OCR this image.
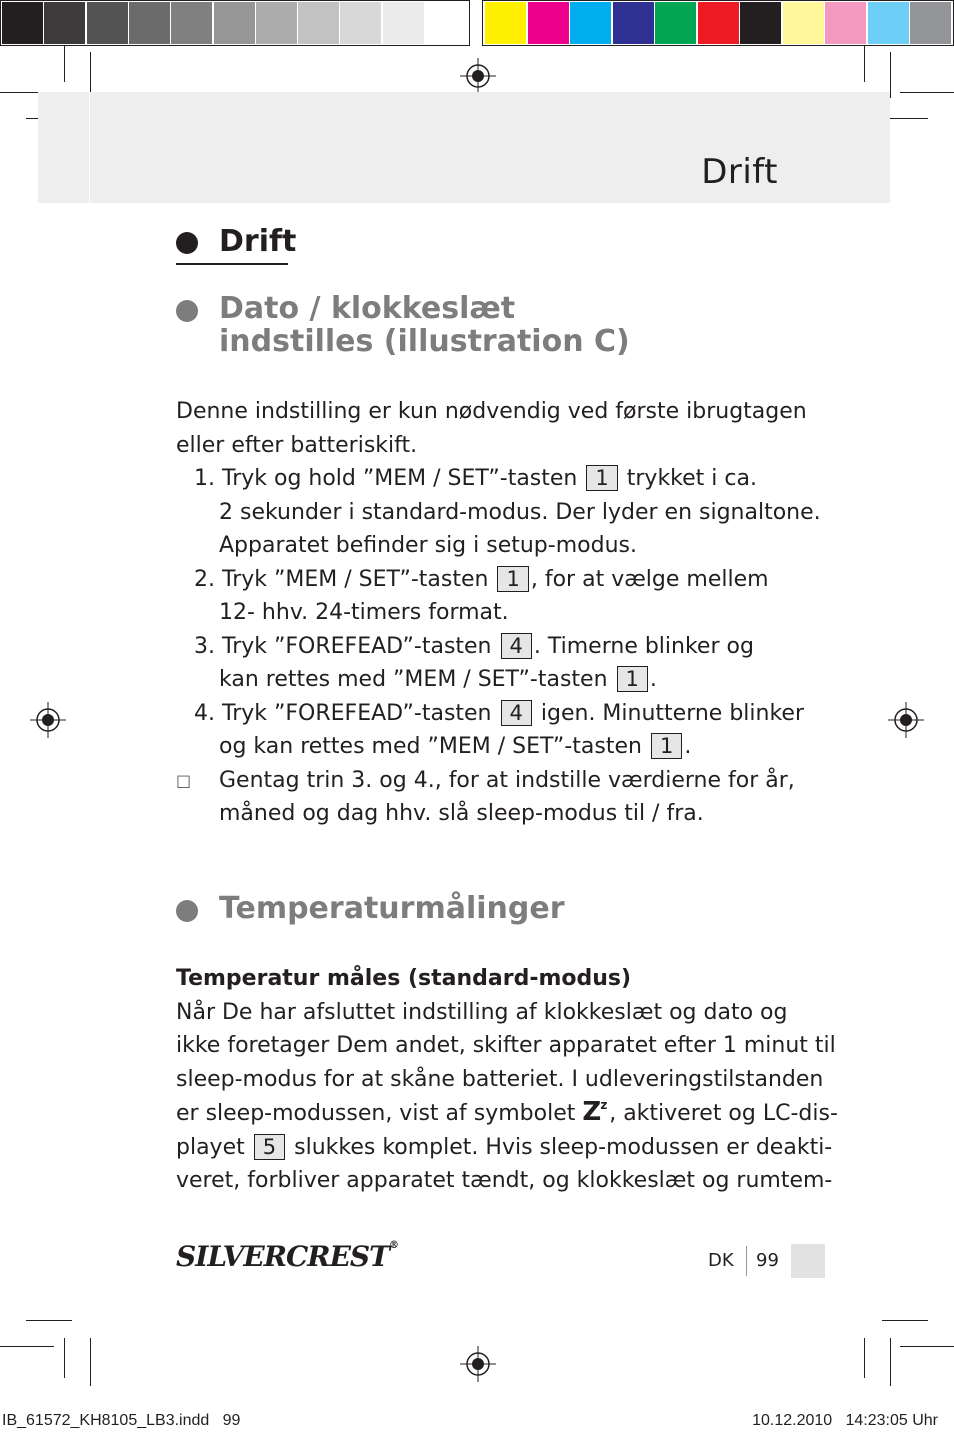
Drift
Drift
Dato / klokkeslæt
indstilles (illustration C)
Denne indstilling er kun nødvendig ved første ibrugtagen
eller efter batteriskift.
1. Tryk og hold ”MEM / SET”-tasten 1 trykket i ca.
2 sekunder i standard-modus. Der lyder en signaltone.
Apparatet befinder sig i setup-modus.
2. Tryk ”MEM / SET”-tasten 1 , for at vælge mellem
12- hhv. 24-timers format.
3. Tryk ”FOREFEAD”-tasten 4 . Timerne blinker og
kan rettes med ”MEM / SET”-tasten 1 .
4. Tryk ”FOREFEAD”-tasten 4 igen. Minutterne blinker
og kan rettes med ”MEM / SET”-tasten 1 .
□ Gentag trin 3. og 4., for at indstille værdierne for år,
måned og dag hhv. slå sleep-modus til / fra.
Temperaturmålinger
Temperatur måles (standard-modus)
Når De har afsluttet indstilling af klokkeslæt og dato og
ikke foretager Dem andet, skifter apparatet efter 1 minut til
sleep-modus for at skåne batteriet. I udleveringstilstanden
er sleep-modussen, vist af symbolet Z z , aktiveret og LC-dis-
playet 5 slukkes komplet. Hvis sleep-modussen er deakti-
veret, forbliver apparatet tændt, og klokkeslæt og rumtem-
SILVERCREST®
DK 99
IB_61572_KH8105_LB3.indd   99	10.12.2010   14:23:05 Uhr
